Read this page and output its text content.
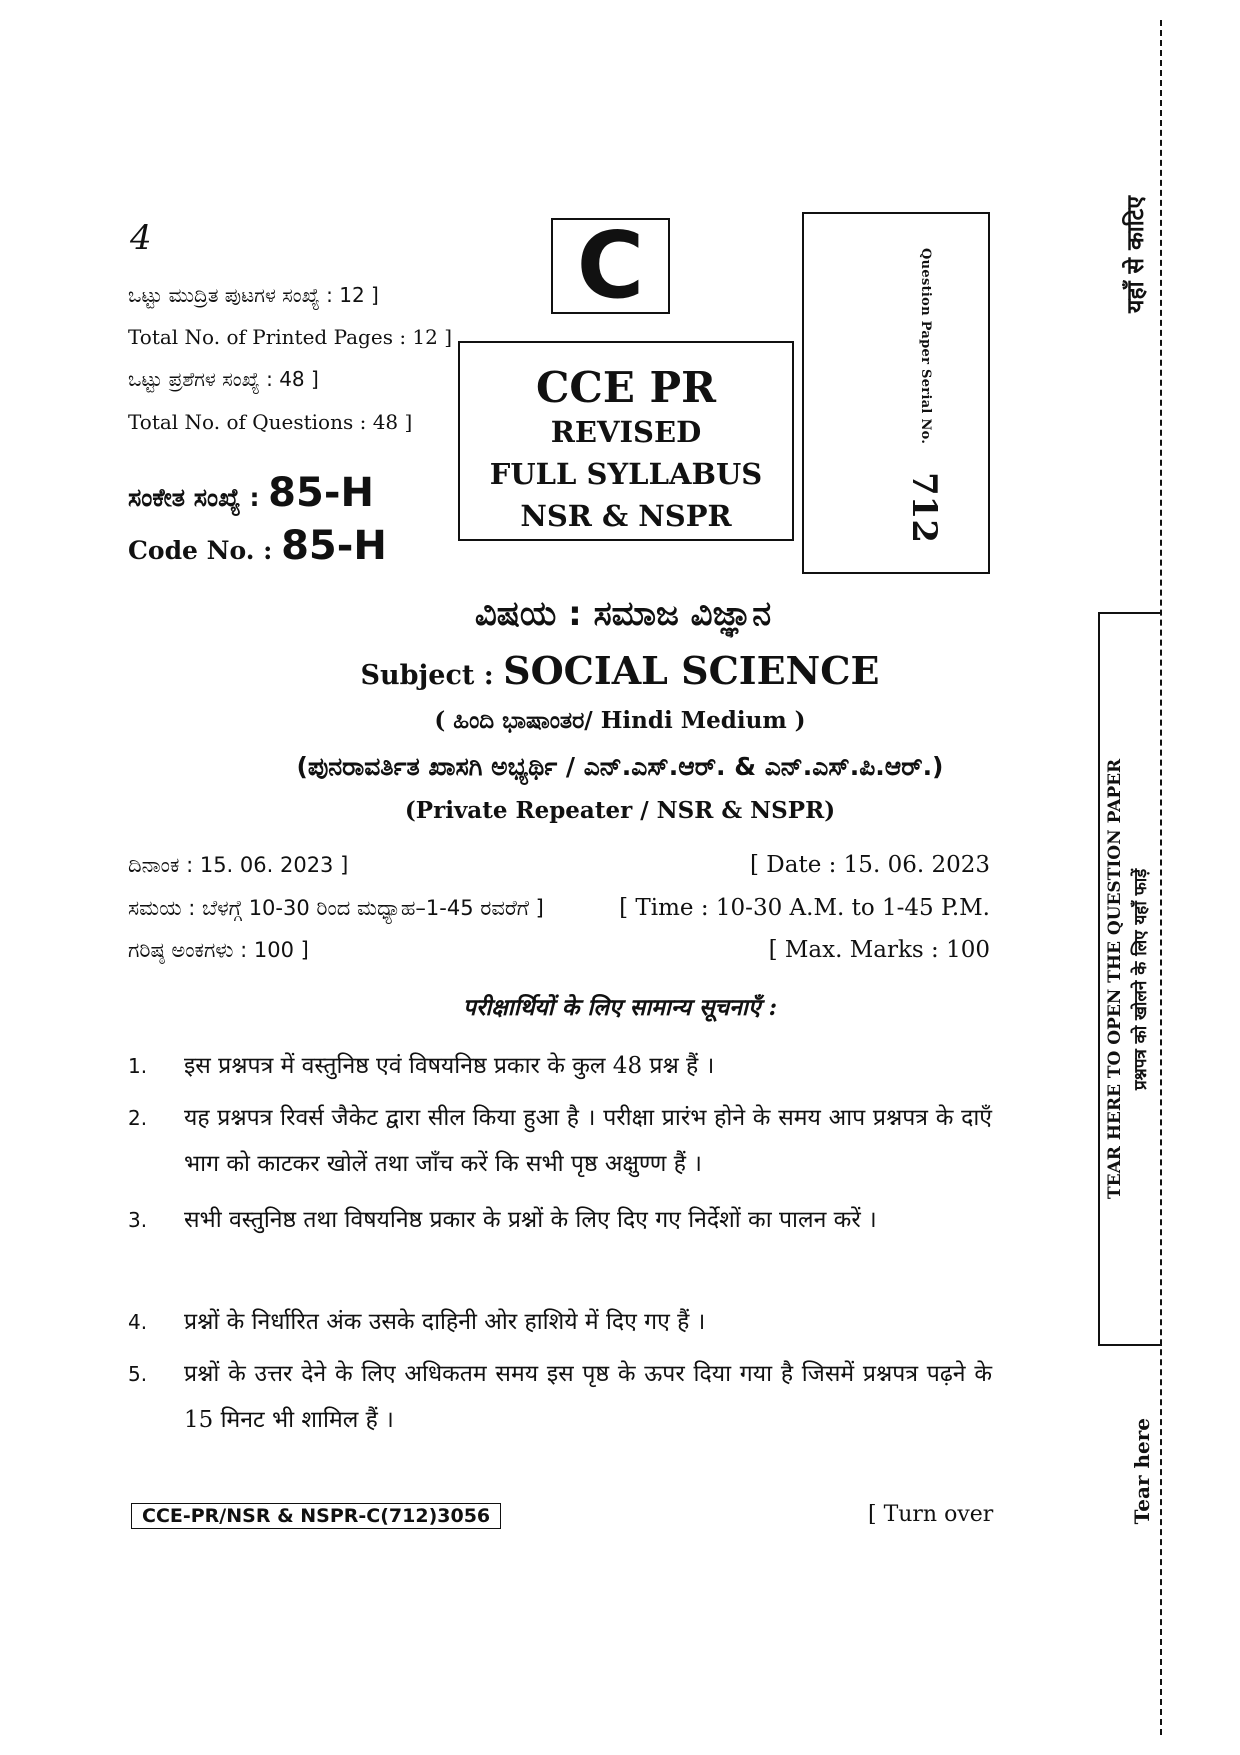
4
ಒಟ್ಟು ಮುದ್ರಿತ ಪುಟಗಳ ಸಂಖ್ಯೆ : 12 ]
Total No. of Printed Pages : 12 ]
ಒಟ್ಟು ಪ್ರಶೆಗಳ ಸಂಖ್ಯೆ : 48 ]
Total No. of Questions : 48 ]
ಸಂಕೇತ ಸಂಖ್ಯೆ : 85-H
Code No. : 85-H
C
CCE PR
REVISED
FULL SYLLABUS
NSR & NSPR
Question Paper Serial No.
712
ವಿಷಯ : ಸಮಾಜ ವಿಜ್ಞಾನ
Subject : SOCIAL SCIENCE
( ಹಿಂದಿ ಭಾಷಾಂತರ/ Hindi Medium )
(ಪುನರಾವರ್ತಿತ ಖಾಸಗಿ ಅಭ್ಯರ್ಥಿ / ಎನ್.ಎಸ್.ಆರ್. & ಎನ್.ಎಸ್.ಪಿ.ಆರ್.)
(Private Repeater / NSR & NSPR)
ದಿನಾಂಕ : 15. 06. 2023 ]	[ Date : 15. 06. 2023
ಸಮಯ : ಬೆಳಗ್ಗೆ 10-30 ರಿಂದ ಮಧ್ಯಾಹ–1-45 ರವರೆಗೆ ]	[ Time : 10-30 A.M. to 1-45 P.M.
ಗರಿಷ್ಠ ಅಂಕಗಳು : 100 ]	[ Max. Marks : 100
परीक्षार्थियों के लिए सामान्य सूचनाएँ :
1.	इस प्रश्नपत्र में वस्तुनिष्ठ एवं विषयनिष्ठ प्रकार के कुल 48 प्रश्न हैं ।
2.	यह प्रश्नपत्र रिवर्स जैकेट द्वारा सील किया हुआ है । परीक्षा प्रारंभ होने के समय आप प्रश्नपत्र के दाएँ भाग को काटकर खोलें तथा जाँच करें कि सभी पृष्ठ अक्षुण्ण हैं ।
3.	सभी वस्तुनिष्ठ तथा विषयनिष्ठ प्रकार के प्रश्नों के लिए दिए गए निर्देशों का पालन करें ।
4.	प्रश्नों के निर्धारित अंक उसके दाहिनी ओर हाशिये में दिए गए हैं ।
5.	प्रश्नों के उत्तर देने के लिए अधिकतम समय इस पृष्ठ के ऊपर दिया गया है जिसमें प्रश्नपत्र पढ़ने के 15 मिनट भी शामिल हैं ।
CCE-PR/NSR & NSPR-C(712)3056	[ Turn over
यहाँ से काटिए
TEAR HERE TO OPEN THE QUESTION PAPER प्रश्नपत्र को खोलने के लिए यहाँ फाड़ें
Tear here
